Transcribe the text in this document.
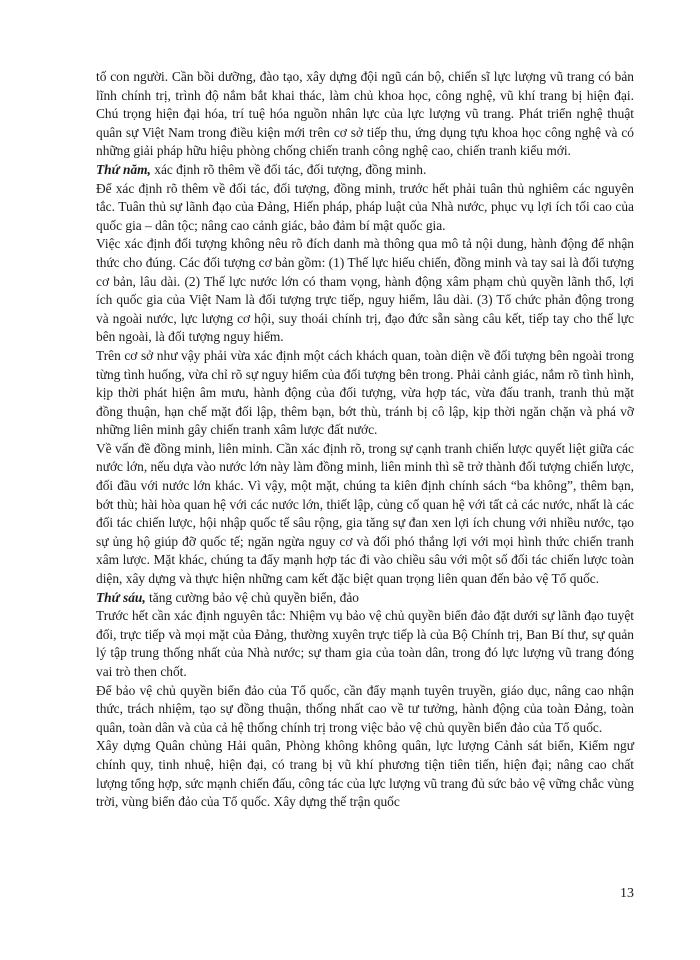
tố con người. Cần bồi dưỡng, đào tạo, xây dựng đội ngũ cán bộ, chiến sĩ lực lượng vũ trang có bản lĩnh chính trị, trình độ nắm bắt khai thác, làm chủ khoa học, công nghệ, vũ khí trang bị hiện đại. Chú trọng hiện đại hóa, trí tuệ hóa nguồn nhân lực của lực lượng vũ trang. Phát triển nghệ thuật quân sự Việt Nam trong điều kiện mới trên cơ sở tiếp thu, ứng dụng tựu khoa học công nghệ và có những giải pháp hữu hiệu phòng chống chiến tranh công nghệ cao, chiến tranh kiểu mới.

Thứ năm, xác định rõ thêm về đối tác, đối tượng, đồng minh.

Để xác định rõ thêm về đối tác, đối tượng, đồng minh, trước hết phải tuân thủ nghiêm các nguyên tắc. Tuân thủ sự lãnh đạo của Đảng, Hiến pháp, pháp luật của Nhà nước, phục vụ lợi ích tối cao của quốc gia – dân tộc; nâng cao cảnh giác, bảo đảm bí mật quốc gia.

Việc xác định đối tượng không nêu rõ đích danh mà thông qua mô tả nội dung, hành động để nhận thức cho đúng. Các đối tượng cơ bản gồm: (1) Thế lực hiếu chiến, đồng minh và tay sai là đối tượng cơ bản, lâu dài. (2) Thế lực nước lớn có tham vọng, hành động xâm phạm chủ quyền lãnh thổ, lợi ích quốc gia của Việt Nam là đối tượng trực tiếp, nguy hiểm, lâu dài. (3) Tổ chức phản động trong và ngoài nước, lực lượng cơ hội, suy thoái chính trị, đạo đức sẵn sàng câu kết, tiếp tay cho thế lực bên ngoài, là đối tượng nguy hiểm.

Trên cơ sở như vậy phải vừa xác định một cách khách quan, toàn diện về đối tượng bên ngoài trong từng tình huống, vừa chỉ rõ sự nguy hiểm của đối tượng bên trong. Phải cảnh giác, nắm rõ tình hình, kịp thời phát hiện âm mưu, hành động của đối tượng, vừa hợp tác, vừa đấu tranh, tranh thủ mặt đồng thuận, hạn chế mặt đối lập, thêm bạn, bớt thù, tránh bị cô lập, kịp thời ngăn chặn và phá vỡ những liên minh gây chiến tranh xâm lược đất nước.

Về vấn đề đồng minh, liên minh. Cần xác định rõ, trong sự cạnh tranh chiến lược quyết liệt giữa các nước lớn, nếu dựa vào nước lớn này làm đồng minh, liên minh thì sẽ trở thành đối tượng chiến lược, đối đầu với nước lớn khác. Vì vậy, một mặt, chúng ta kiên định chính sách “ba không”, thêm bạn, bớt thù; hài hòa quan hệ với các nước lớn, thiết lập, củng cố quan hệ với tất cả các nước, nhất là các đối tác chiến lược, hội nhập quốc tế sâu rộng, gia tăng sự đan xen lợi ích chung với nhiều nước, tạo sự ủng hộ giúp đỡ quốc tế; ngăn ngừa nguy cơ và đối phó thắng lợi với mọi hình thức chiến tranh xâm lược. Mặt khác, chúng ta đẩy mạnh hợp tác đi vào chiều sâu với một số đối tác chiến lược toàn diện, xây dựng và thực hiện những cam kết đặc biệt quan trọng liên quan đến bảo vệ Tổ quốc.

Thứ sáu, tăng cường bảo vệ chủ quyền biển, đảo

Trước hết cần xác định nguyên tắc: Nhiệm vụ bảo vệ chủ quyền biển đảo đặt dưới sự lãnh đạo tuyệt đối, trực tiếp và mọi mặt của Đảng, thường xuyên trực tiếp là của Bộ Chính trị, Ban Bí thư, sự quản lý tập trung thống nhất của Nhà nước; sự tham gia của toàn dân, trong đó lực lượng vũ trang đóng vai trò then chốt.

Để bảo vệ chủ quyền biển đảo của Tổ quốc, cần đẩy mạnh tuyên truyền, giáo dục, nâng cao nhận thức, trách nhiệm, tạo sự đồng thuận, thống nhất cao về tư tưởng, hành động của toàn Đảng, toàn quân, toàn dân và của cả hệ thống chính trị trong việc bảo vệ chủ quyền biển đảo của Tổ quốc.

Xây dựng Quân chủng Hải quân, Phòng không không quân, lực lượng Cảnh sát biển, Kiểm ngư chính quy, tinh nhuệ, hiện đại, có trang bị vũ khí phương tiện tiên tiến, hiện đại; nâng cao chất lượng tổng hợp, sức mạnh chiến đấu, công tác của lực lượng vũ trang đủ sức bảo vệ vững chắc vùng trời, vùng biển đảo của Tổ quốc. Xây dựng thế trận quốc

13
